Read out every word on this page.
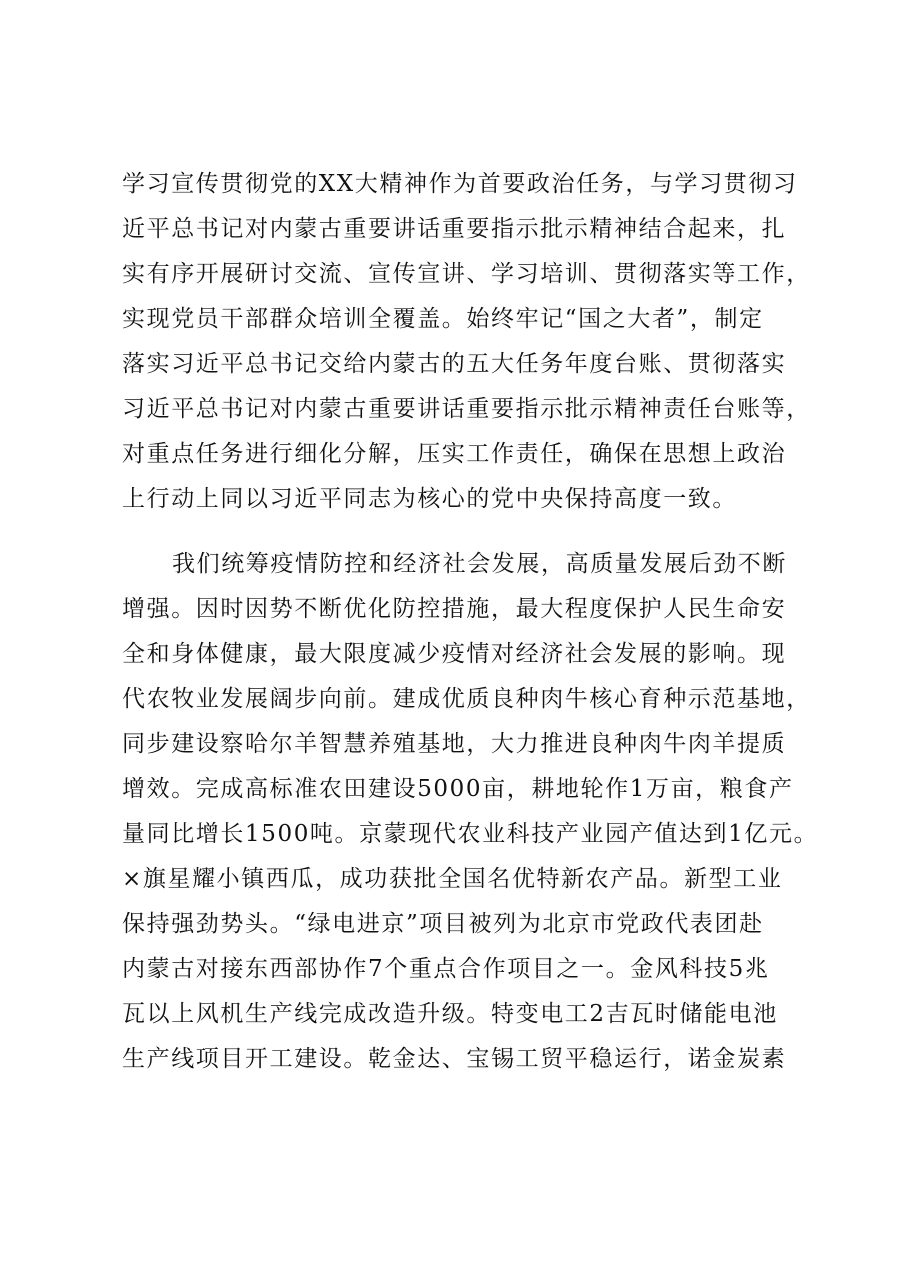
学习宣传贯彻党的XX大精神作为首要政治任务，与学习贯彻习
近平总书记对内蒙古重要讲话重要指示批示精神结合起来，扎
实有序开展研讨交流、宣传宣讲、学习培训、贯彻落实等工作，
实现党员干部群众培训全覆盖。始终牢记“国之大者”，制定
落实习近平总书记交给内蒙古的五大任务年度台账、贯彻落实
习近平总书记对内蒙古重要讲话重要指示批示精神责任台账等，
对重点任务进行细化分解，压实工作责任，确保在思想上政治
上行动上同以习近平同志为核心的党中央保持高度一致。
我们统筹疫情防控和经济社会发展，高质量发展后劲不断
增强。因时因势不断优化防控措施，最大程度保护人民生命安
全和身体健康，最大限度减少疫情对经济社会发展的影响。现
代农牧业发展阔步向前。建成优质良种肉牛核心育种示范基地，
同步建设察哈尔羊智慧养殖基地，大力推进良种肉牛肉羊提质
增效。完成高标准农田建设5000亩，耕地轮作1万亩，粮食产
量同比增长1500吨。京蒙现代农业科技产业园产值达到1亿元。
×旗星耀小镇西瓜，成功获批全国名优特新农产品。新型工业
保持强劲势头。“绿电进京”项目被列为北京市党政代表团赴
内蒙古对接东西部协作7个重点合作项目之一。金风科技5兆
瓦以上风机生产线完成改造升级。特变电工2吉瓦时储能电池
生产线项目开工建设。乾金达、宝锡工贸平稳运行，诺金炭素
